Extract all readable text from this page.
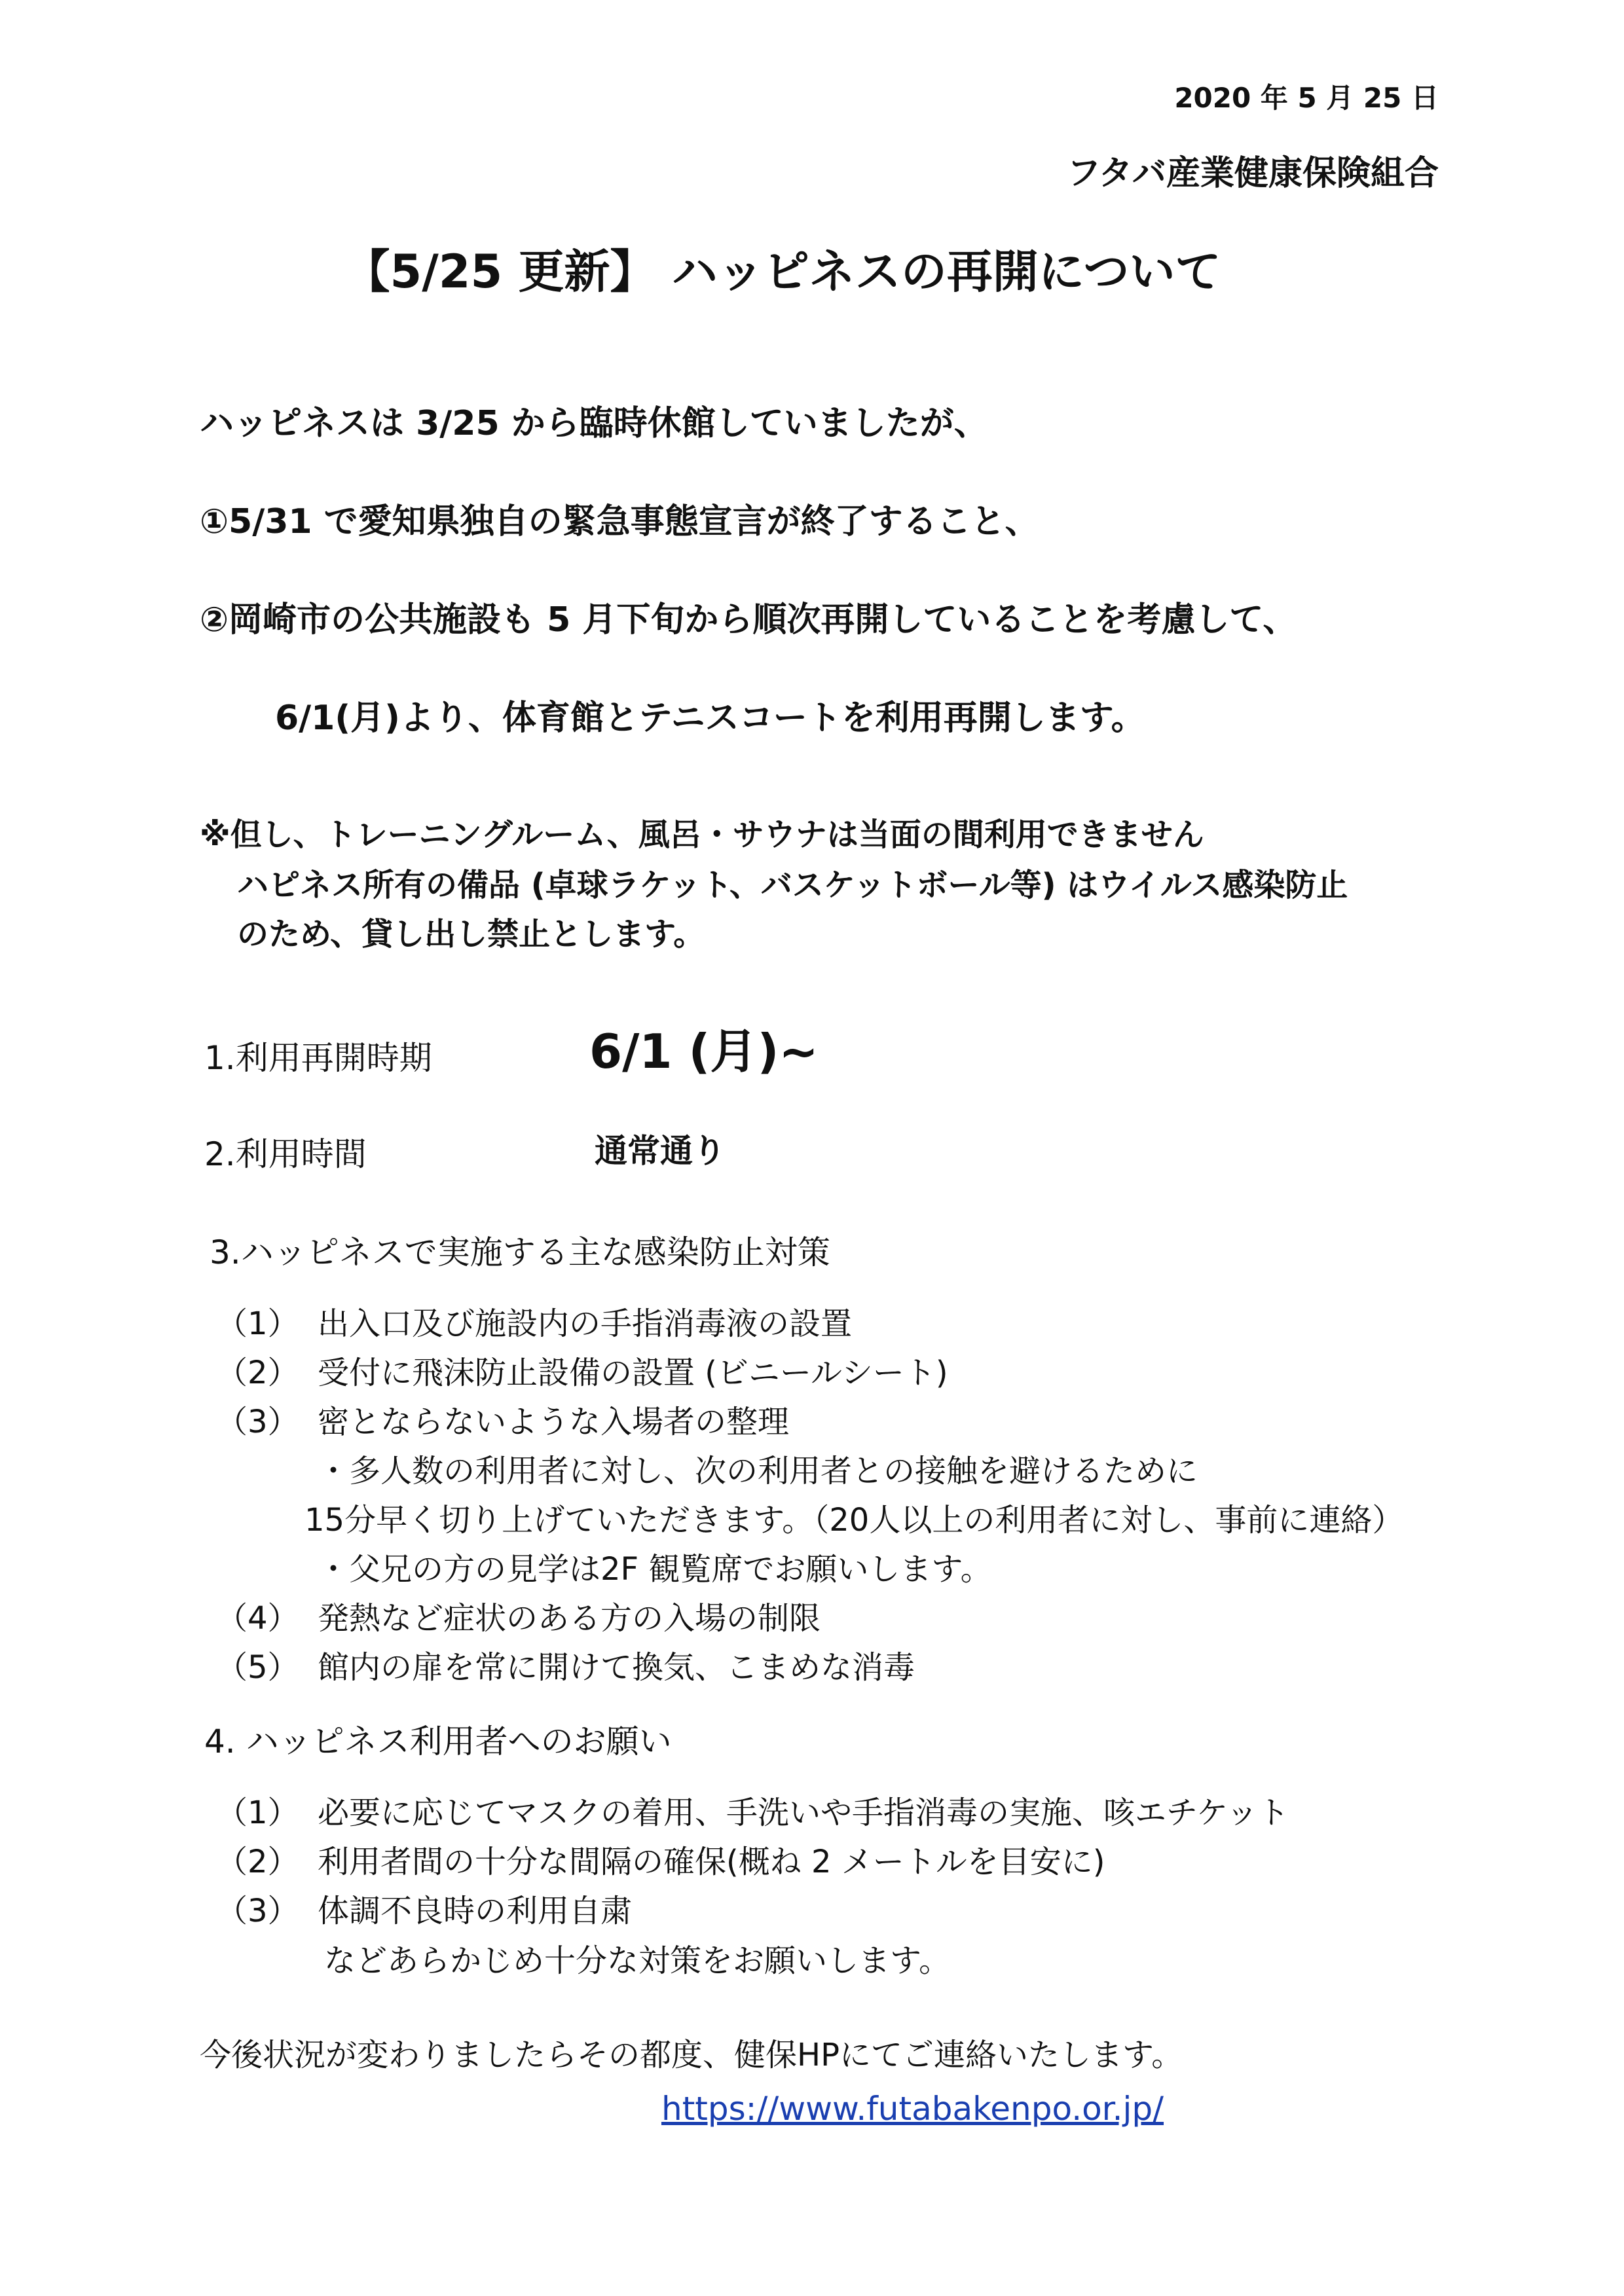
2020 年 5 月 25 日
フタバ産業健康保険組合
【5/25 更新】 ハッピネスの再開について
ハッピネスは 3/25 から臨時休館していましたが、
①5/31 で愛知県独自の緊急事態宣言が終了すること、
②岡崎市の公共施設も 5 月下旬から順次再開していることを考慮して、
6/1(月)より、体育館とテニスコートを利用再開します。
※但し、トレーニングルーム、風呂・サウナは当面の間利用できません
ハピネス所有の備品 (卓球ラケット、バスケットボール等) はウイルス感染防止
のため、貸し出し禁止とします。
1.利用再開時期	6/1 (月)~
2.利用時間	通常通り
3.ハッピネスで実施する主な感染防止対策
（1） 出入口及び施設内の手指消毒液の設置
（2） 受付に飛沫防止設備の設置 (ビニールシート)
（3） 密とならないような入場者の整理
・多人数の利用者に対し、次の利用者との接触を避けるために
15分早く切り上げていただきます。（20人以上の利用者に対し、事前に連絡）
・父兄の方の見学は2F 観覧席でお願いします。
（4） 発熱など症状のある方の入場の制限
（5） 館内の扉を常に開けて換気、こまめな消毒
4. ハッピネス利用者へのお願い
（1） 必要に応じてマスクの着用、手洗いや手指消毒の実施、咳エチケット
（2） 利用者間の十分な間隔の確保(概ね 2 メートルを目安に)
（3） 体調不良時の利用自粛
などあらかじめ十分な対策をお願いします。
今後状況が変わりましたらその都度、健保HPにてご連絡いたします。
https://www.futabakenpo.or.jp/
